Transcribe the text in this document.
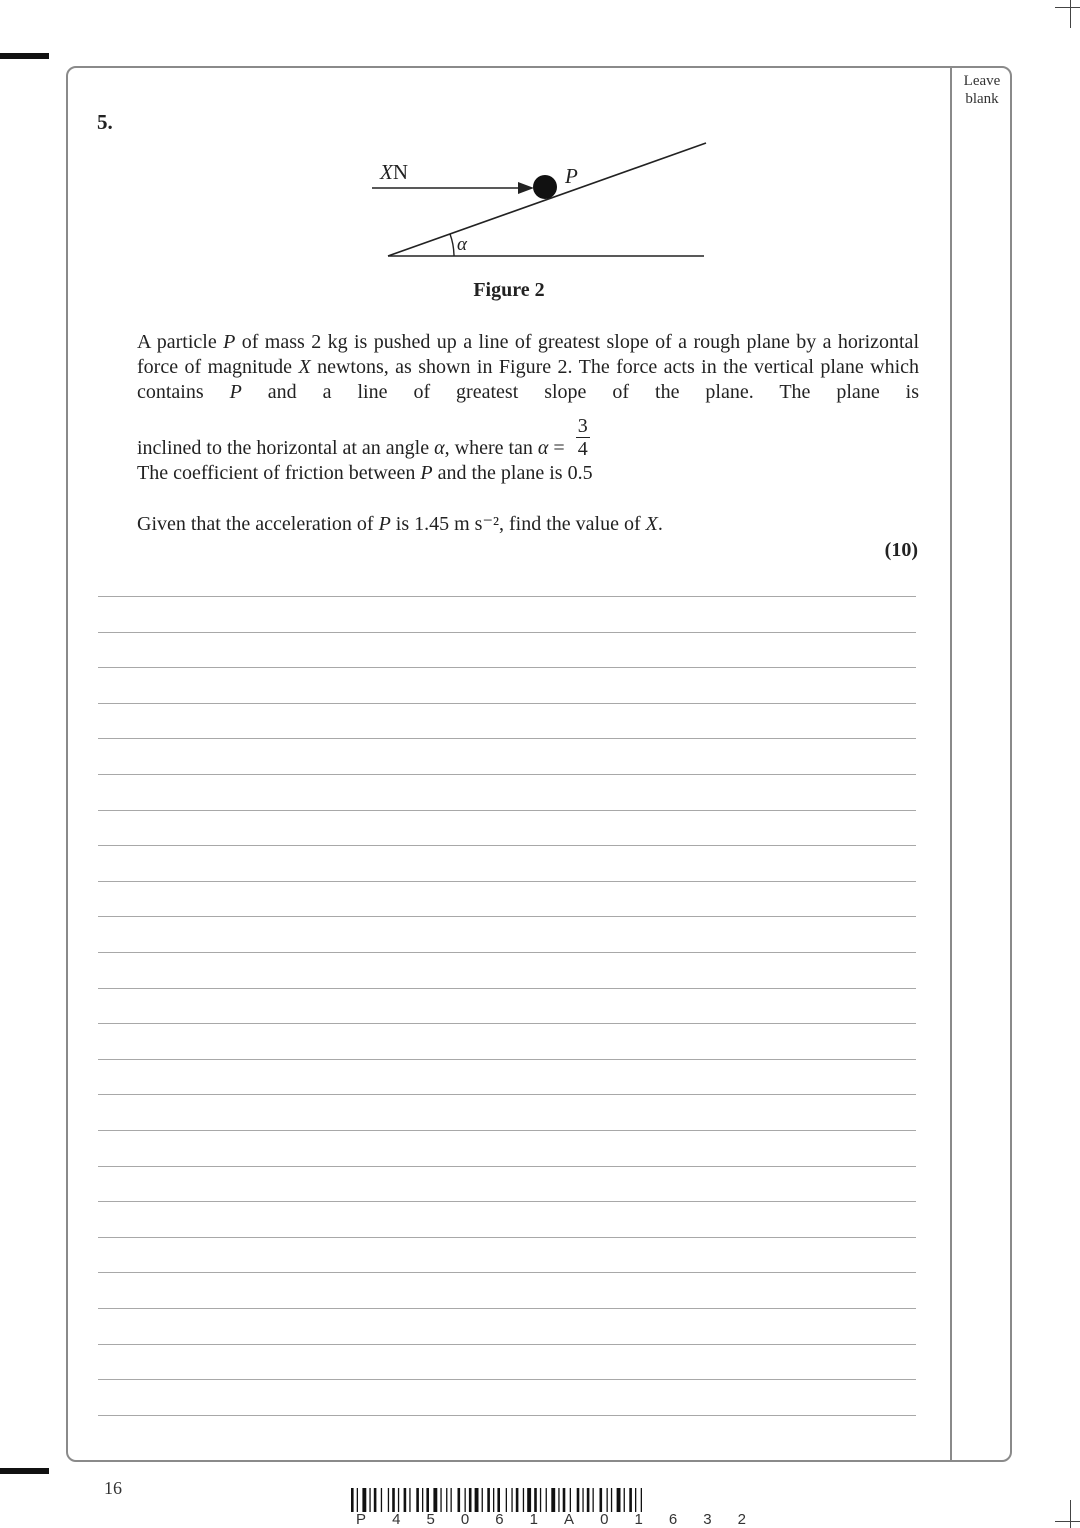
Leave blank
5.
α
XN	P
Figure 2

A particle P of mass 2 kg is pushed up a line of greatest slope of a rough plane by a horizontal force of magnitude X newtons, as shown in Figure 2. The force acts in the vertical plane which contains P and a line of greatest slope of the plane. The plane is

inclined to the horizontal at an angle α, where $\tan \alpha = \frac{3}{4}$

The coefficient of friction between P and the plane is 0.5

Given that the acceleration of P is 1.45 m s⁻², find the value of X.

(10)
16
P 4 5 0 6 1 A 0 1 6 3 2
